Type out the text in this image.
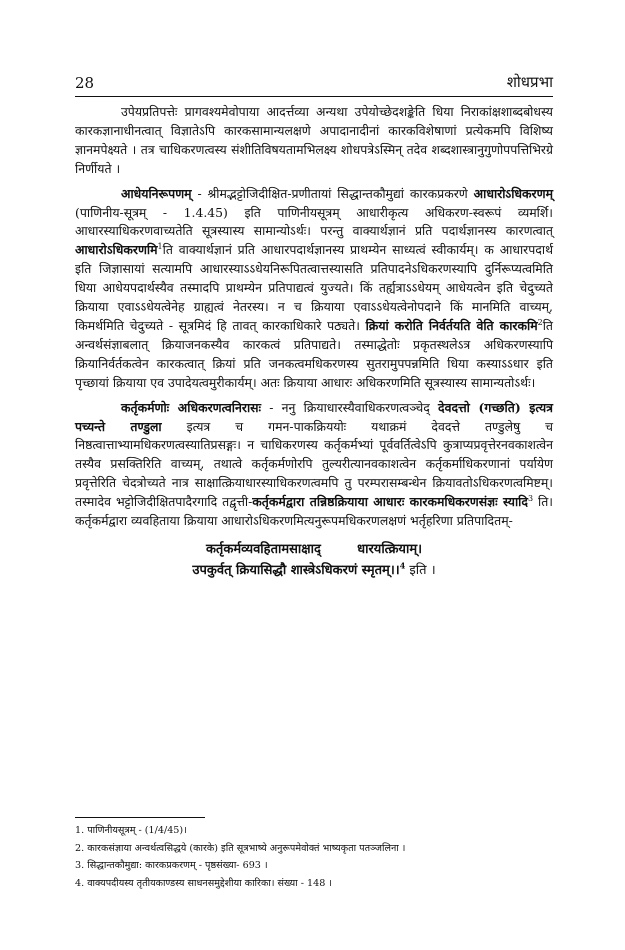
28	शोधप्रभा

उपेयप्रतिपत्तेः प्रागवश्यमेवोपाया आदर्त्तव्या अन्यथा उपेयोच्छेदशङ्केति धिया निराकांक्षशाब्दबोधस्य कारकज्ञानाधीनत्वात् विज्ञातेऽपि कारकसामान्यलक्षणे अपादानादीनां कारकविशेषाणां प्रत्येकमपि विशिष्य ज्ञानमपेक्ष्यते । तत्र चाधिकरणत्वस्य संशीतिविषयतामभिलक्ष्य शोधपत्रेऽस्मिन् तदेव शब्दशास्त्रानुगुणोपपत्तिभिरग्रे निर्णीयते ।

आधेयनिरूपणम् - श्रीमद्भट्टोजिदीक्षित-प्रणीतायां सिद्धान्तकौमुद्यां कारकप्रकरणे आधारोऽधिकरणम् (पाणिनीय-सूत्रम् - 1.4.45) इति पाणिनीयसूत्रम् आधारीकृत्य अधिकरण-स्वरूपं व्यमर्शि। आधारस्याधिकरणवाच्यतेति सूत्रस्यास्य सामान्योऽर्थः। परन्तु वाक्यार्थज्ञानं प्रति पदार्थज्ञानस्य कारणत्वात् आधारोऽधिकरणमि$^1$ति वाक्यार्थज्ञानं प्रति आधारपदार्थज्ञानस्य प्राथम्येन साध्यत्वं स्वीकार्यम्। क आधारपदार्थ इति जिज्ञासायां सत्यामपि आधारस्याऽऽधेयनिरूपितत्वात्तस्यासति प्रतिपादनेऽधिकरणस्यापि दुर्निरूप्यत्वमिति धिया आधेयपदार्थस्यैव तस्मादपि प्राथम्येन प्रतिपाद्यत्वं युज्यते। किं तर्ह्यत्राऽऽधेयम् आधेयत्वेन इति चेदुच्यते क्रियाया एवाऽऽधेयत्वेनेह ग्राह्यत्वं नेतरस्य। न च क्रियाया एवाऽऽधेयत्वेनोपदाने किं मानमिति वाच्यम्, किमर्थमिति चेदुच्यते - सूत्रमिदं हि तावत् कारकाधिकारे पठ्यते। क्रियां करोति निर्वर्तयति वेति कारकमि$^2$ति अन्वर्थसंज्ञाबलात् क्रियाजनकस्यैव कारकत्वं प्रतिपाद्यते। तस्माद्धेतोः प्रकृतस्थलेऽत्र अधिकरणस्यापि क्रियानिर्वर्तकत्वेन कारकत्वात् क्रियां प्रति जनकत्वमधिकरणस्य सुतरामुपपन्नमिति धिया कस्याऽऽधार इति पृच्छायां क्रियाया एव उपादेयत्वमुरीकार्यम्। अतः क्रियाया आधारः अधिकरणमिति सूत्रस्यास्य सामान्यतोऽर्थः।

कर्तृकर्मणोः अधिकरणत्वनिरासः - ननु क्रियाधारस्यैवाधिकरणत्वञ्चेद् देवदत्तो (गच्छति) इत्यत्र पच्यन्ते तण्डुला इत्यत्र च गमन-पाकक्रिययोः यथाक्रमं देवदत्ते तण्डुलेषु च निष्ठत्वात्ताभ्यामधिकरणत्वस्यातिप्रसङ्गः। न चाधिकरणस्य कर्तृकर्मभ्यां पूर्ववर्तित्वेऽपि कुत्राप्यप्रवृत्तेरनवकाशत्वेन तस्यैव प्रसक्तिरिति वाच्यम्, तथात्वे कर्तृकर्मणोरपि तुल्यरीत्यानवकाशत्वेन कर्तृकर्माधिकरणानां पर्यायेण प्रवृत्तेरिति चेदत्रोच्यते नात्र साक्षात्क्रियाधारस्याधिकरणत्वमपि तु परम्परासम्बन्धेन क्रियावतोऽधिकरणत्वमिष्टम्। तस्मादेव भट्टोजिदीक्षितपादैरगादि तद्वृत्ती-कर्तृकर्मद्वारा तन्निष्ठक्रियाया आधारः कारकमधिकरणसंज्ञः स्यादि$^3$ ति। कर्तृकर्मद्वारा व्यवहिताया क्रियाया आधारोऽधिकरणमित्यनुरूपमधिकरणलक्षणं भर्तृहरिणा प्रतिपादितम्-

कर्तृकर्मव्यवहितामसाक्षाद्	धारयत्क्रियाम्।
उपकुर्वत् क्रियासिद्धौ शास्त्रेऽधिकरणं स्मृतम्।।$^4$ इति ।
1. पाणिनीयसूत्रम् - (1/4/45)।
2. कारकसंज्ञाया अन्वर्थत्वसिद्धये (कारके) इति सूत्रभाष्ये अनुरूपमेवोक्तं भाष्यकृता पतञ्जलिना ।
3. सिद्धान्तकौमुद्या: कारकप्रकरणम् - पृष्ठसंख्या- 693 ।
4. वाक्यपदीयस्य तृतीयकाण्डस्य साधनसमुद्देशीया कारिका। संख्या - 148 ।
